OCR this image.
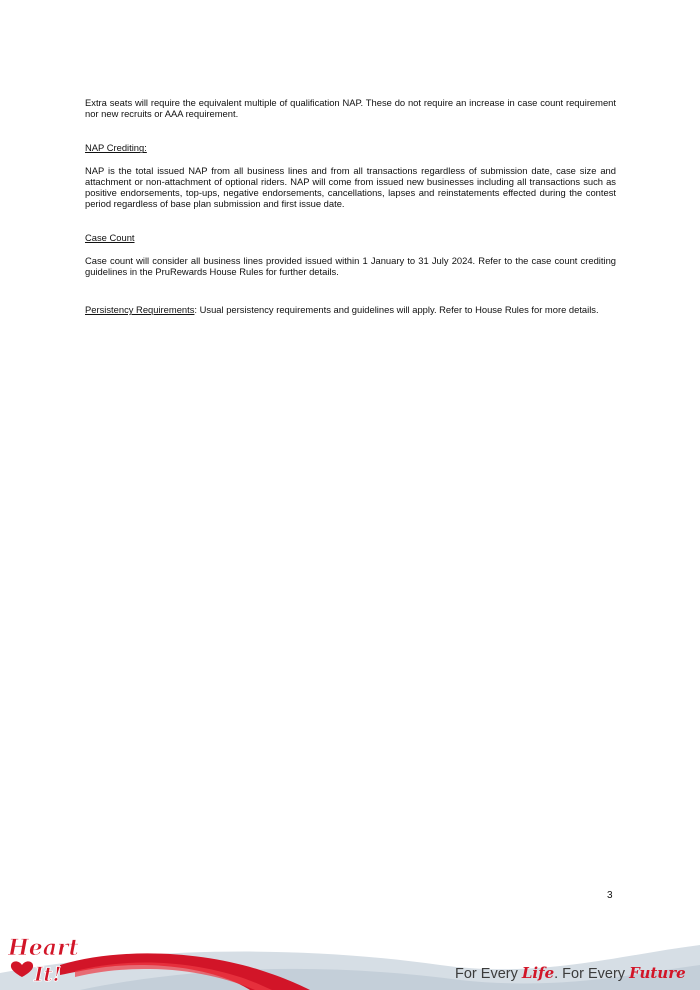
Extra seats will require the equivalent multiple of qualification NAP. These do not require an increase in case count requirement nor new recruits or AAA requirement.

NAP Crediting:

NAP is the total issued NAP from all business lines and from all transactions regardless of submission date, case size and attachment or non-attachment of optional riders. NAP will come from issued new businesses including all transactions such as positive endorsements, top-ups, negative endorsements, cancellations, lapses and reinstatements effected during the contest period regardless of base plan submission and first issue date.

Case Count

Case count will consider all business lines provided issued within 1 January to 31 July 2024. Refer to the case count crediting guidelines in the PruRewards House Rules for further details.

Persistency Requirements: Usual persistency requirements and guidelines will apply. Refer to House Rules for more details.

3
Heart
It!	For Every Life. For Every Future
